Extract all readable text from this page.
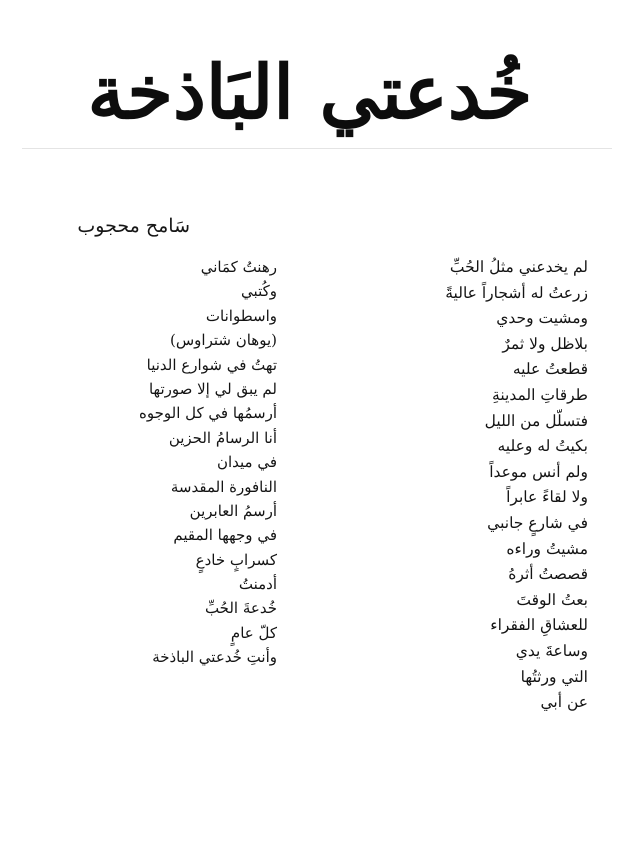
خُدعتي البَاذخة
سَامح محجوب
لم يخدعني مثلُ الحُبِّ
زرعتُ له أشجاراً عاليةً
ومشيت وحدي
بلاظل ولا ثمرٌ
قطعتُ عليه
طرقاتِ المدينةِ
فتسلّل من الليل
بكيتُ له وعليه
ولم أنس موعداً
ولا لقاءً عابراً
في شارعٍ جانبي
مشيتُ وراءه
قصصتُ أثرهُ
بعتُ الوقتَ
للعشاقِ الفقراء
وساعةَ يدي
التي ورثتُها
عن أبي
رهنتُ كمَاني
وكُتبي
واسطوانات
(يوهان شتراوس)
تهتُ في شوارع الدنيا
لم يبق لي إلا صورتها
أرسمُها في كل الوجوه
أنا الرسامُ الحزين
في ميدان
النافورة المقدسة
أرسمُ العابرين
في وجهها المقيم
كسرابٍ خادعٍ
أدمنتُ
خُدعةَ الحُبِّ
كلّ عامٍ
وأنتِ خُدعتي الباذخة
